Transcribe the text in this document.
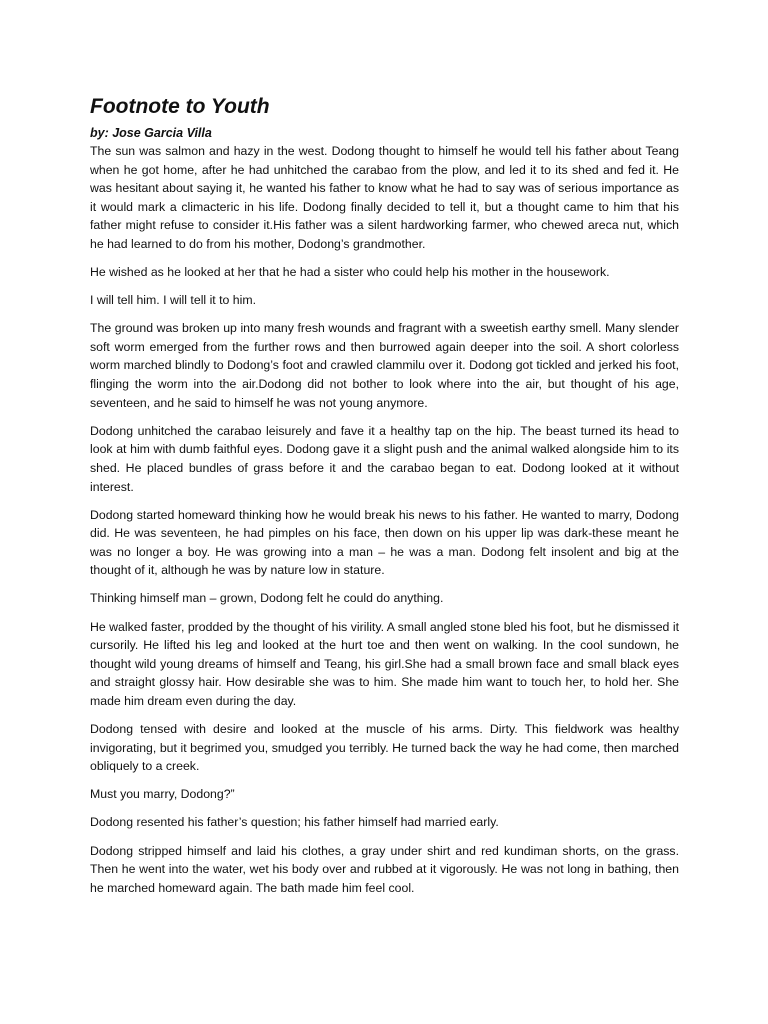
Footnote to Youth

by: Jose Garcia Villa

The sun was salmon and hazy in the west. Dodong thought to himself he would tell his father about Teang when he got home, after he had unhitched the carabao from the plow, and led it to its shed and fed it. He was hesitant about saying it, he wanted his father to know what he had to say was of serious importance as it would mark a climacteric in his life. Dodong finally decided to tell it, but a thought came to him that his father might refuse to consider it.His father was a silent hardworking farmer, who chewed areca nut, which he had learned to do from his mother, Dodong’s grandmother.

He wished as he looked at her that he had a sister who could help his mother in the housework.

I will tell him. I will tell it to him.

The ground was broken up into many fresh wounds and fragrant with a sweetish earthy smell. Many slender soft worm emerged from the further rows and then burrowed again deeper into the soil. A short colorless worm marched blindly to Dodong’s foot and crawled clammilu over it. Dodong got tickled and jerked his foot, flinging the worm into the air.Dodong did not bother to look where into the air, but thought of his age, seventeen, and he said to himself he was not young anymore.

Dodong unhitched the carabao leisurely and fave it a healthy tap on the hip. The beast turned its head to look at him with dumb faithful eyes. Dodong gave it a slight push and the animal walked alongside him to its shed. He placed bundles of grass before it and the carabao began to eat. Dodong looked at it without interest.

Dodong started homeward thinking how he would break his news to his father. He wanted to marry, Dodong did. He was seventeen, he had pimples on his face, then down on his upper lip was dark-these meant he was no longer a boy. He was growing into a man – he was a man. Dodong felt insolent and big at the thought of it, although he was by nature low in stature.

Thinking himself man – grown, Dodong felt he could do anything.

He walked faster, prodded by the thought of his virility. A small angled stone bled his foot, but he dismissed it cursorily. He lifted his leg and looked at the hurt toe and then went on walking. In the cool sundown, he thought wild young dreams of himself and Teang, his girl.She had a small brown face and small black eyes and straight glossy hair. How desirable she was to him. She made him want to touch her, to hold her. She made him dream even during the day.

Dodong tensed with desire and looked at the muscle of his arms. Dirty. This fieldwork was healthy invigorating, but it begrimed you, smudged you terribly. He turned back the way he had come, then marched obliquely to a creek.

Must you marry, Dodong?”

Dodong resented his father’s question; his father himself had married early.

Dodong stripped himself and laid his clothes, a gray under shirt and red kundiman shorts, on the grass. Then he went into the water, wet his body over and rubbed at it vigorously. He was not long in bathing, then he marched homeward again. The bath made him feel cool.
